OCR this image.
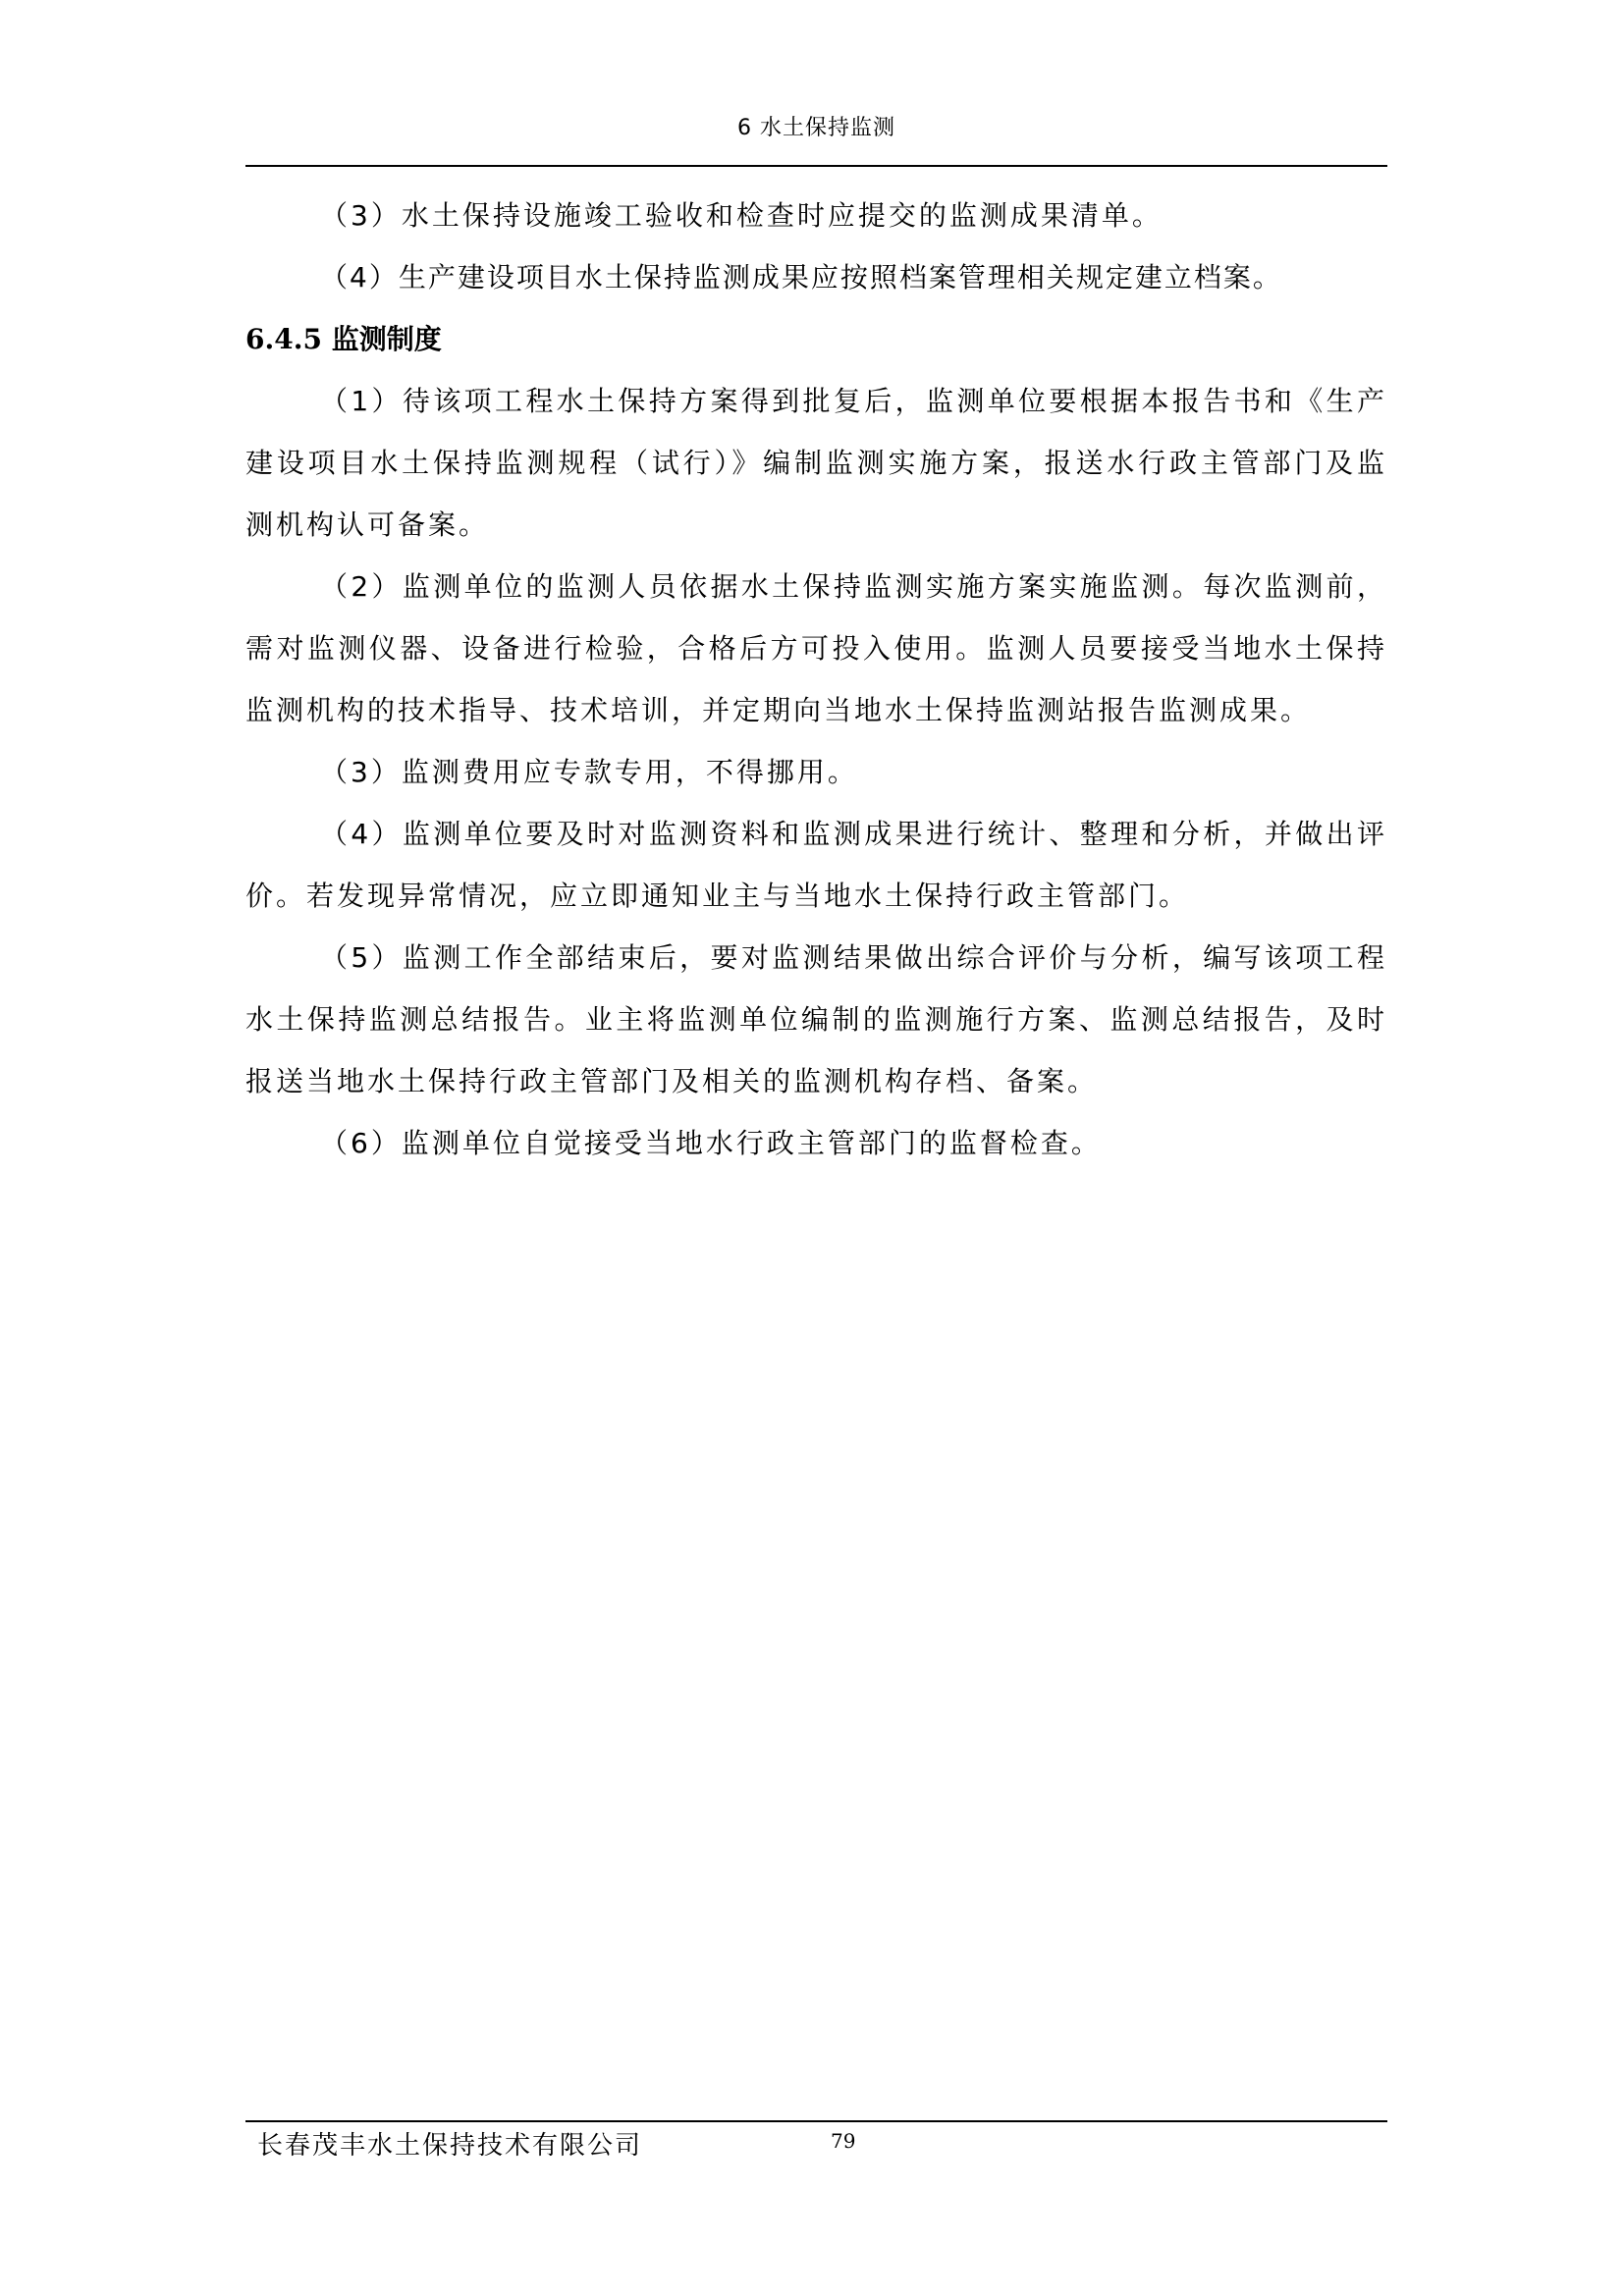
6 水土保持监测

（3）水土保持设施竣工验收和检查时应提交的监测成果清单。

（4）生产建设项目水土保持监测成果应按照档案管理相关规定建立档案。

6.4.5 监测制度

（1）待该项工程水土保持方案得到批复后，监测单位要根据本报告书和《生产建设项目水土保持监测规程（试行）》编制监测实施方案，报送水行政主管部门及监测机构认可备案。

（2）监测单位的监测人员依据水土保持监测实施方案实施监测。每次监测前，需对监测仪器、设备进行检验，合格后方可投入使用。监测人员要接受当地水土保持监测机构的技术指导、技术培训，并定期向当地水土保持监测站报告监测成果。

（3）监测费用应专款专用，不得挪用。

（4）监测单位要及时对监测资料和监测成果进行统计、整理和分析，并做出评价。若发现异常情况，应立即通知业主与当地水土保持行政主管部门。

（5）监测工作全部结束后，要对监测结果做出综合评价与分析，编写该项工程水土保持监测总结报告。业主将监测单位编制的监测施行方案、监测总结报告，及时报送当地水土保持行政主管部门及相关的监测机构存档、备案。

（6）监测单位自觉接受当地水行政主管部门的监督检查。

长春茂丰水土保持技术有限公司	79
